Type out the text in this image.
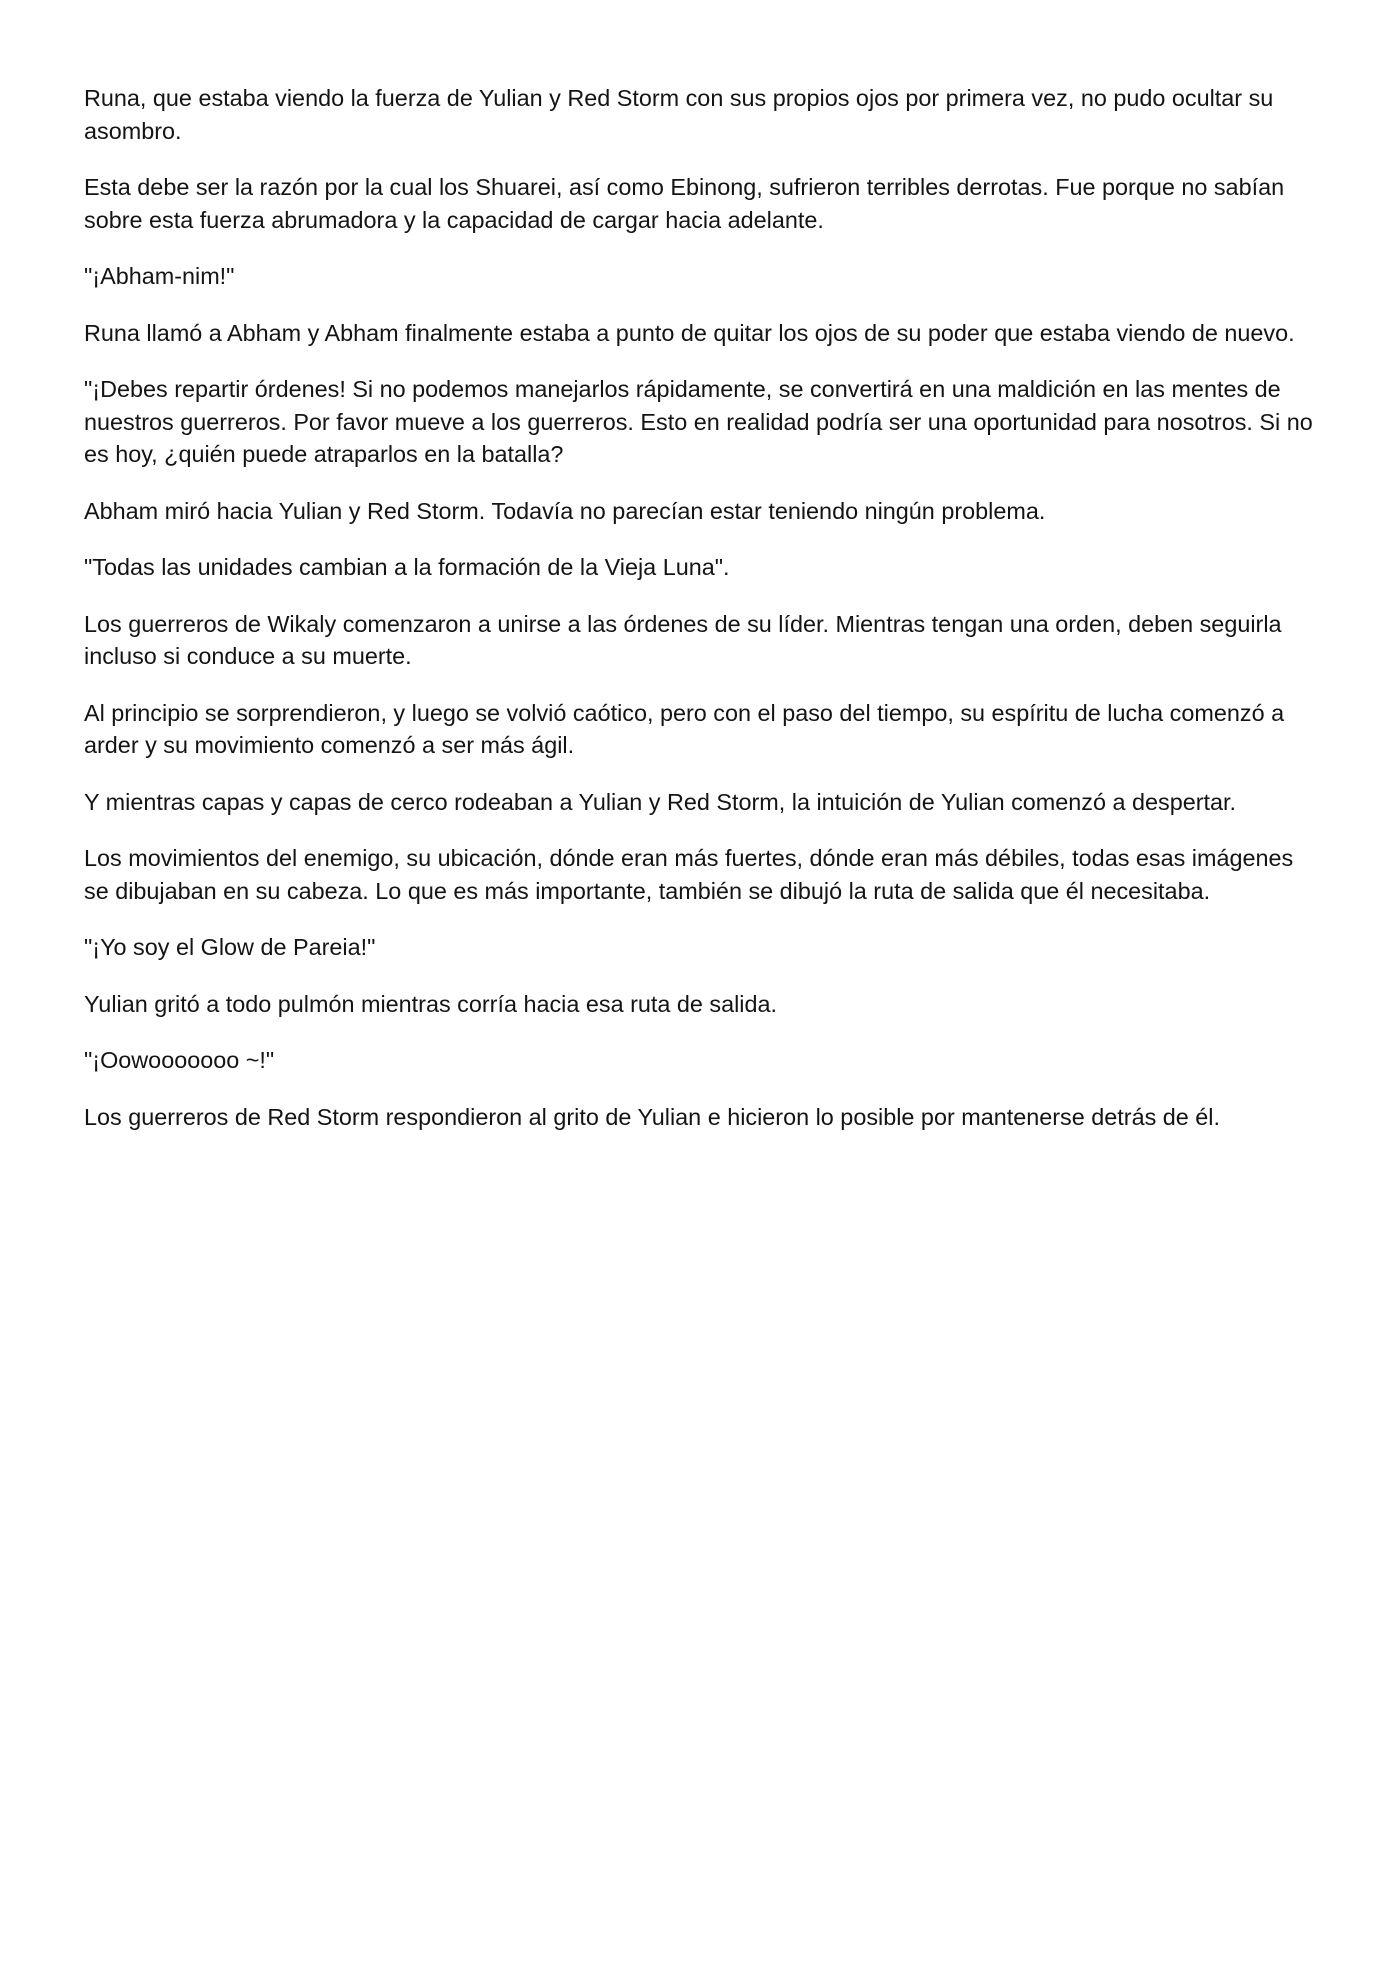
Runa, que estaba viendo la fuerza de Yulian y Red Storm con sus propios ojos por primera vez, no pudo ocultar su asombro.

Esta debe ser la razón por la cual los Shuarei, así como Ebinong, sufrieron terribles derrotas. Fue porque no sabían sobre esta fuerza abrumadora y la capacidad de cargar hacia adelante.

"¡Abham-nim!"

Runa llamó a Abham y Abham finalmente estaba a punto de quitar los ojos de su poder que estaba viendo de nuevo.

"¡Debes repartir órdenes! Si no podemos manejarlos rápidamente, se convertirá en una maldición en las mentes de nuestros guerreros. Por favor mueve a los guerreros. Esto en realidad podría ser una oportunidad para nosotros. Si no es hoy, ¿quién puede atraparlos en la batalla?

Abham miró hacia Yulian y Red Storm. Todavía no parecían estar teniendo ningún problema.

"Todas las unidades cambian a la formación de la Vieja Luna".

Los guerreros de Wikaly comenzaron a unirse a las órdenes de su líder. Mientras tengan una orden, deben seguirla incluso si conduce a su muerte.

Al principio se sorprendieron, y luego se volvió caótico, pero con el paso del tiempo, su espíritu de lucha comenzó a arder y su movimiento comenzó a ser más ágil.

Y mientras capas y capas de cerco rodeaban a Yulian y Red Storm, la intuición de Yulian comenzó a despertar.

Los movimientos del enemigo, su ubicación, dónde eran más fuertes, dónde eran más débiles, todas esas imágenes se dibujaban en su cabeza. Lo que es más importante, también se dibujó la ruta de salida que él necesitaba.

"¡Yo soy el Glow de Pareia!"

Yulian gritó a todo pulmón mientras corría hacia esa ruta de salida.

"¡Oowooooooo ~!"

Los guerreros de Red Storm respondieron al grito de Yulian e hicieron lo posible por mantenerse detrás de él.
